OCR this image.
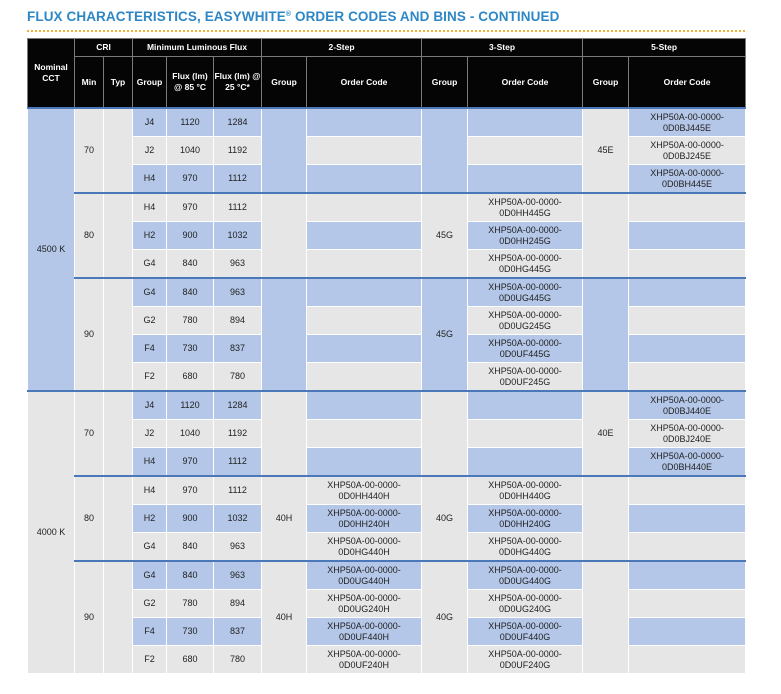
FLUX CHARACTERISTICS, EASYWHITE® ORDER CODES AND BINS - CONTINUED
Nominal CCT	CRI		Minimum Luminous Flux			2-Step		3-Step		5-Step	
	Min	Typ	Group	Flux (lm) @ 85 °C	Flux (lm) @ 25 °C*	Group	Order Code	Group	Order Code	Group	Order Code
4500 K	70		J4	1120	1284					45E	XHP50A-00-0000-0D0BJ445E
			J2	1040	1192						XHP50A-00-0000-0D0BJ245E
			H4	970	1112						XHP50A-00-0000-0D0BH445E
	80		H4	970	1112			45G	XHP50A-00-0000-0D0HH445G		
			H2	900	1032				XHP50A-00-0000-0D0HH245G		
			G4	840	963				XHP50A-00-0000-0D0HG445G		
	90		G4	840	963			45G	XHP50A-00-0000-0D0UG445G		
			G2	780	894				XHP50A-00-0000-0D0UG245G		
			F4	730	837				XHP50A-00-0000-0D0UF445G		
			F2	680	780				XHP50A-00-0000-0D0UF245G		
4000 K	70		J4	1120	1284					40E	XHP50A-00-0000-0D0BJ440E
			J2	1040	1192						XHP50A-00-0000-0D0BJ240E
			H4	970	1112						XHP50A-00-0000-0D0BH440E
	80		H4	970	1112	40H	XHP50A-00-0000-0D0HH440H	40G	XHP50A-00-0000-0D0HH440G		
			H2	900	1032		XHP50A-00-0000-0D0HH240H		XHP50A-00-0000-0D0HH240G		
			G4	840	963		XHP50A-00-0000-0D0HG440H		XHP50A-00-0000-0D0HG440G		
	90		G4	840	963	40H	XHP50A-00-0000-0D0UG440H	40G	XHP50A-00-0000-0D0UG440G		
			G2	780	894		XHP50A-00-0000-0D0UG240H		XHP50A-00-0000-0D0UG240G		
			F4	730	837		XHP50A-00-0000-0D0UF440H		XHP50A-00-0000-0D0UF440G		
			F2	680	780		XHP50A-00-0000-0D0UF240H		XHP50A-00-0000-0D0UF240G		
